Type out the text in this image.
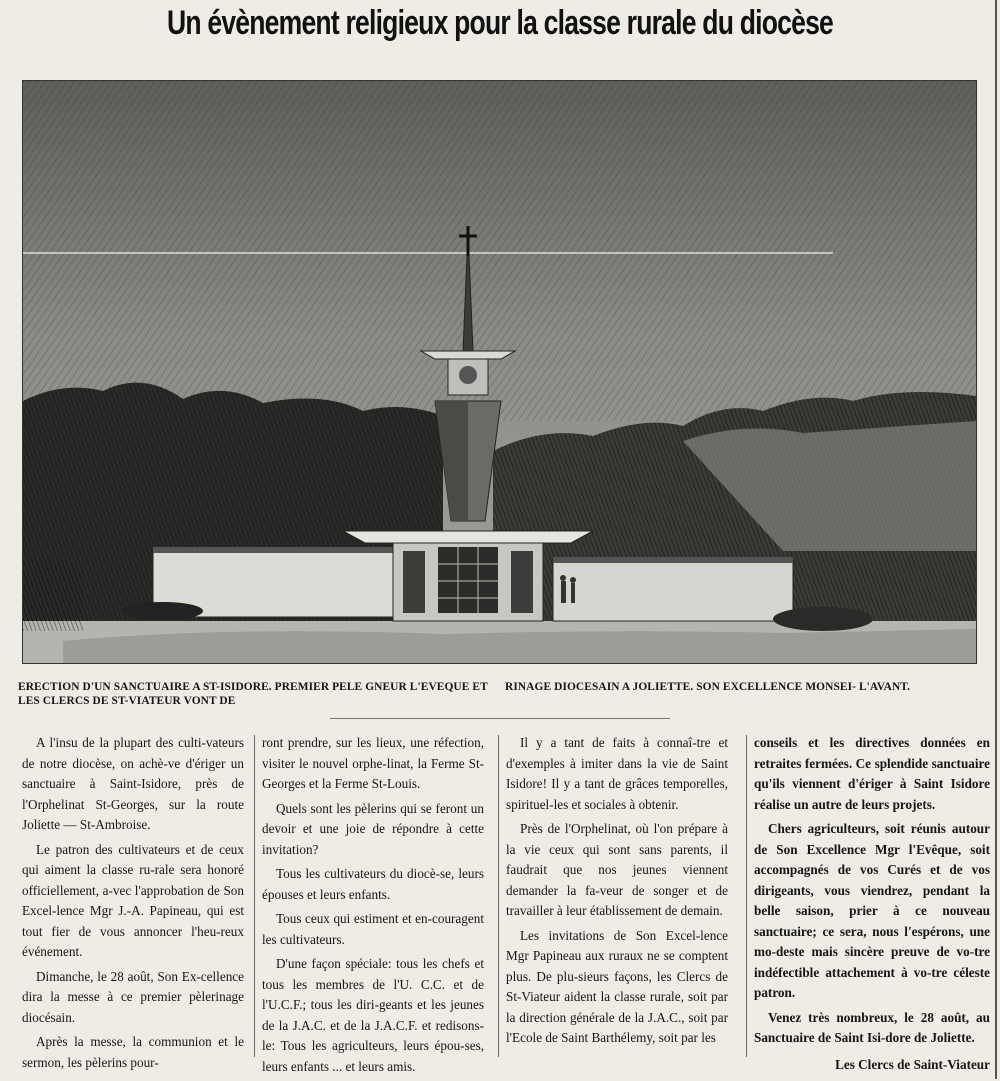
Un évènement religieux pour la classe rurale du diocèse
ERECTION D'UN SANCTUAIRE A ST-ISIDORE. PREMIER PELE GNEUR L'EVEQUE ET LES CLERCS DE ST-VIATEUR VONT DE
RINAGE DIOCESAIN A JOLIETTE. SON EXCELLENCE MONSEI- L'AVANT.

A l'insu de la plupart des culti-vateurs de notre diocèse, on achè-ve d'ériger un sanctuaire à Saint-Isidore, près de l'Orphelinat St-Georges, sur la route Joliette — St-Ambroise.

Le patron des cultivateurs et de ceux qui aiment la classe ru-rale sera honoré officiellement, a-vec l'approbation de Son Excel-lence Mgr J.-A. Papineau, qui est tout fier de vous annoncer l'heu-reux événement.

Dimanche, le 28 août, Son Ex-cellence dira la messe à ce premier pèlerinage diocésain.

Après la messe, la communion et le sermon, les pèlerins pour-

ront prendre, sur les lieux, une réfection, visiter le nouvel orphe-linat, la Ferme St-Georges et la Ferme St-Louis.

Quels sont les pèlerins qui se feront un devoir et une joie de répondre à cette invitation?

Tous les cultivateurs du diocè-se, leurs épouses et leurs enfants.

Tous ceux qui estiment et en-couragent les cultivateurs.

D'une façon spéciale: tous les chefs et tous les membres de l'U. C.C. et de l'U.C.F.; tous les diri-geants et les jeunes de la J.A.C. et de la J.A.C.F. et redisons-le: Tous les agriculteurs, leurs épou-ses, leurs enfants ... et leurs amis.

Il y a tant de faits à connaî-tre et d'exemples à imiter dans la vie de Saint Isidore! Il y a tant de grâces temporelles, spirituel-les et sociales à obtenir.

Près de l'Orphelinat, où l'on prépare à la vie ceux qui sont sans parents, il faudrait que nos jeunes viennent demander la fa-veur de songer et de travailler à leur établissement de demain.

Les invitations de Son Excel-lence Mgr Papineau aux ruraux ne se comptent plus. De plu-sieurs façons, les Clercs de St-Viateur aident la classe rurale, soit par la direction générale de la J.A.C., soit par l'Ecole de Saint Barthélemy, soit par les

conseils et les directives données en retraites fermées. Ce splendide sanctuaire qu'ils viennent d'ériger à Saint Isidore réalise un autre de leurs projets.

Chers agriculteurs, soit réunis autour de Son Excellence Mgr l'Evêque, soit accompagnés de vos Curés et de vos dirigeants, vous viendrez, pendant la belle saison, prier à ce nouveau sanctuaire; ce sera, nous l'espérons, une mo-deste mais sincère preuve de vo-tre indéfectible attachement à vo-tre céleste patron.

Venez très nombreux, le 28 août, au Sanctuaire de Saint Isi-dore de Joliette.

Les Clercs de Saint-Viateur
